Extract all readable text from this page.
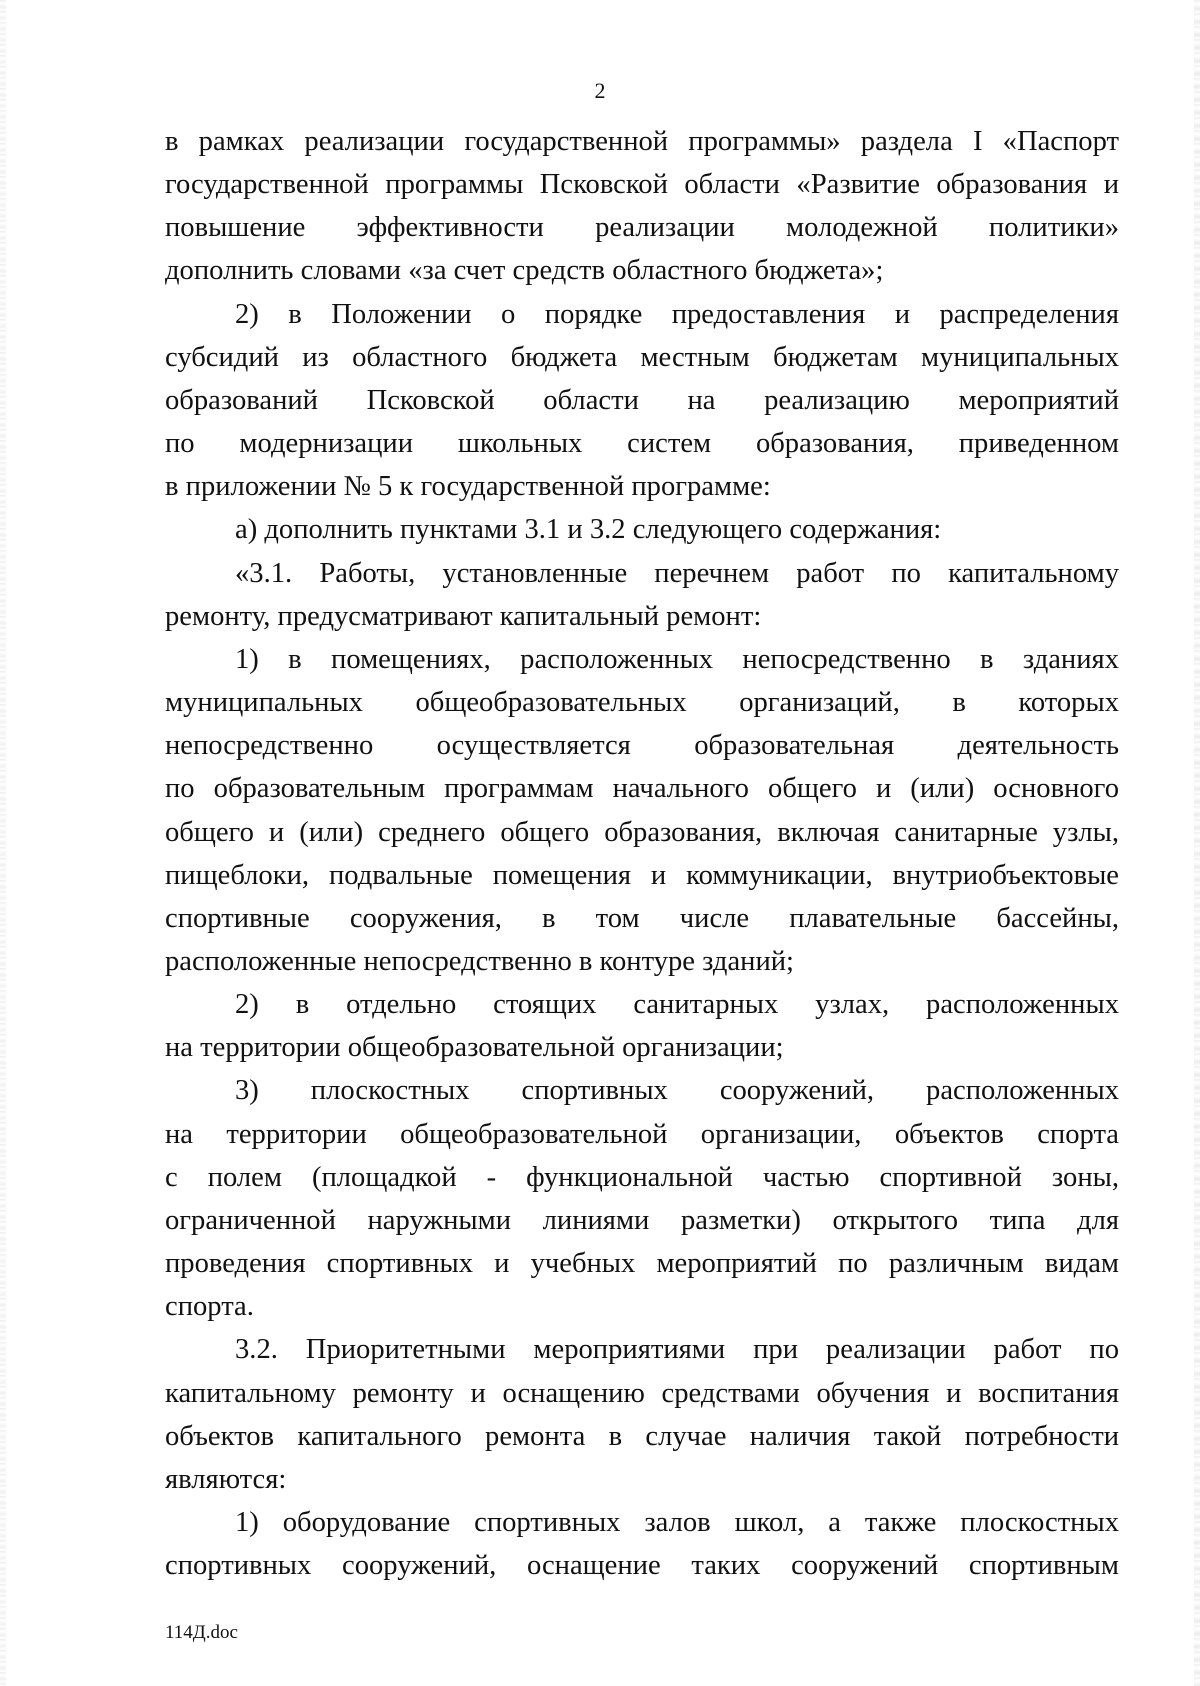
2

в рамках реализации государственной программы» раздела I «Паспорт
государственной программы Псковской области «Развитие образования и
повышение эффективности реализации молодежной политики»
дополнить словами «за счет средств областного бюджета»;

2) в Положении о порядке предоставления и распределения
субсидий из областного бюджета местным бюджетам муниципальных
образований Псковской области на реализацию мероприятий
по модернизации школьных систем образования, приведенном
в приложении № 5 к государственной программе:

а) дополнить пунктами 3.1 и 3.2 следующего содержания:

«3.1. Работы, установленные перечнем работ по капитальному
ремонту, предусматривают капитальный ремонт:

1) в помещениях, расположенных непосредственно в зданиях
муниципальных общеобразовательных организаций, в которых
непосредственно осуществляется образовательная деятельность
по образовательным программам начального общего и (или) основного
общего и (или) среднего общего образования, включая санитарные узлы,
пищеблоки, подвальные помещения и коммуникации, внутриобъектовые
спортивные сооружения, в том числе плавательные бассейны,
расположенные непосредственно в контуре зданий;

2) в отдельно стоящих санитарных узлах, расположенных
на территории общеобразовательной организации;

3) плоскостных спортивных сооружений, расположенных
на территории общеобразовательной организации, объектов спорта
с полем (площадкой - функциональной частью спортивной зоны,
ограниченной наружными линиями разметки) открытого типа для
проведения спортивных и учебных мероприятий по различным видам
спорта.

3.2. Приоритетными мероприятиями при реализации работ по
капитальному ремонту и оснащению средствами обучения и воспитания
объектов капитального ремонта в случае наличия такой потребности
являются:

1) оборудование спортивных залов школ, а также плоскостных
спортивных сооружений, оснащение таких сооружений спортивным

114Д.doc
